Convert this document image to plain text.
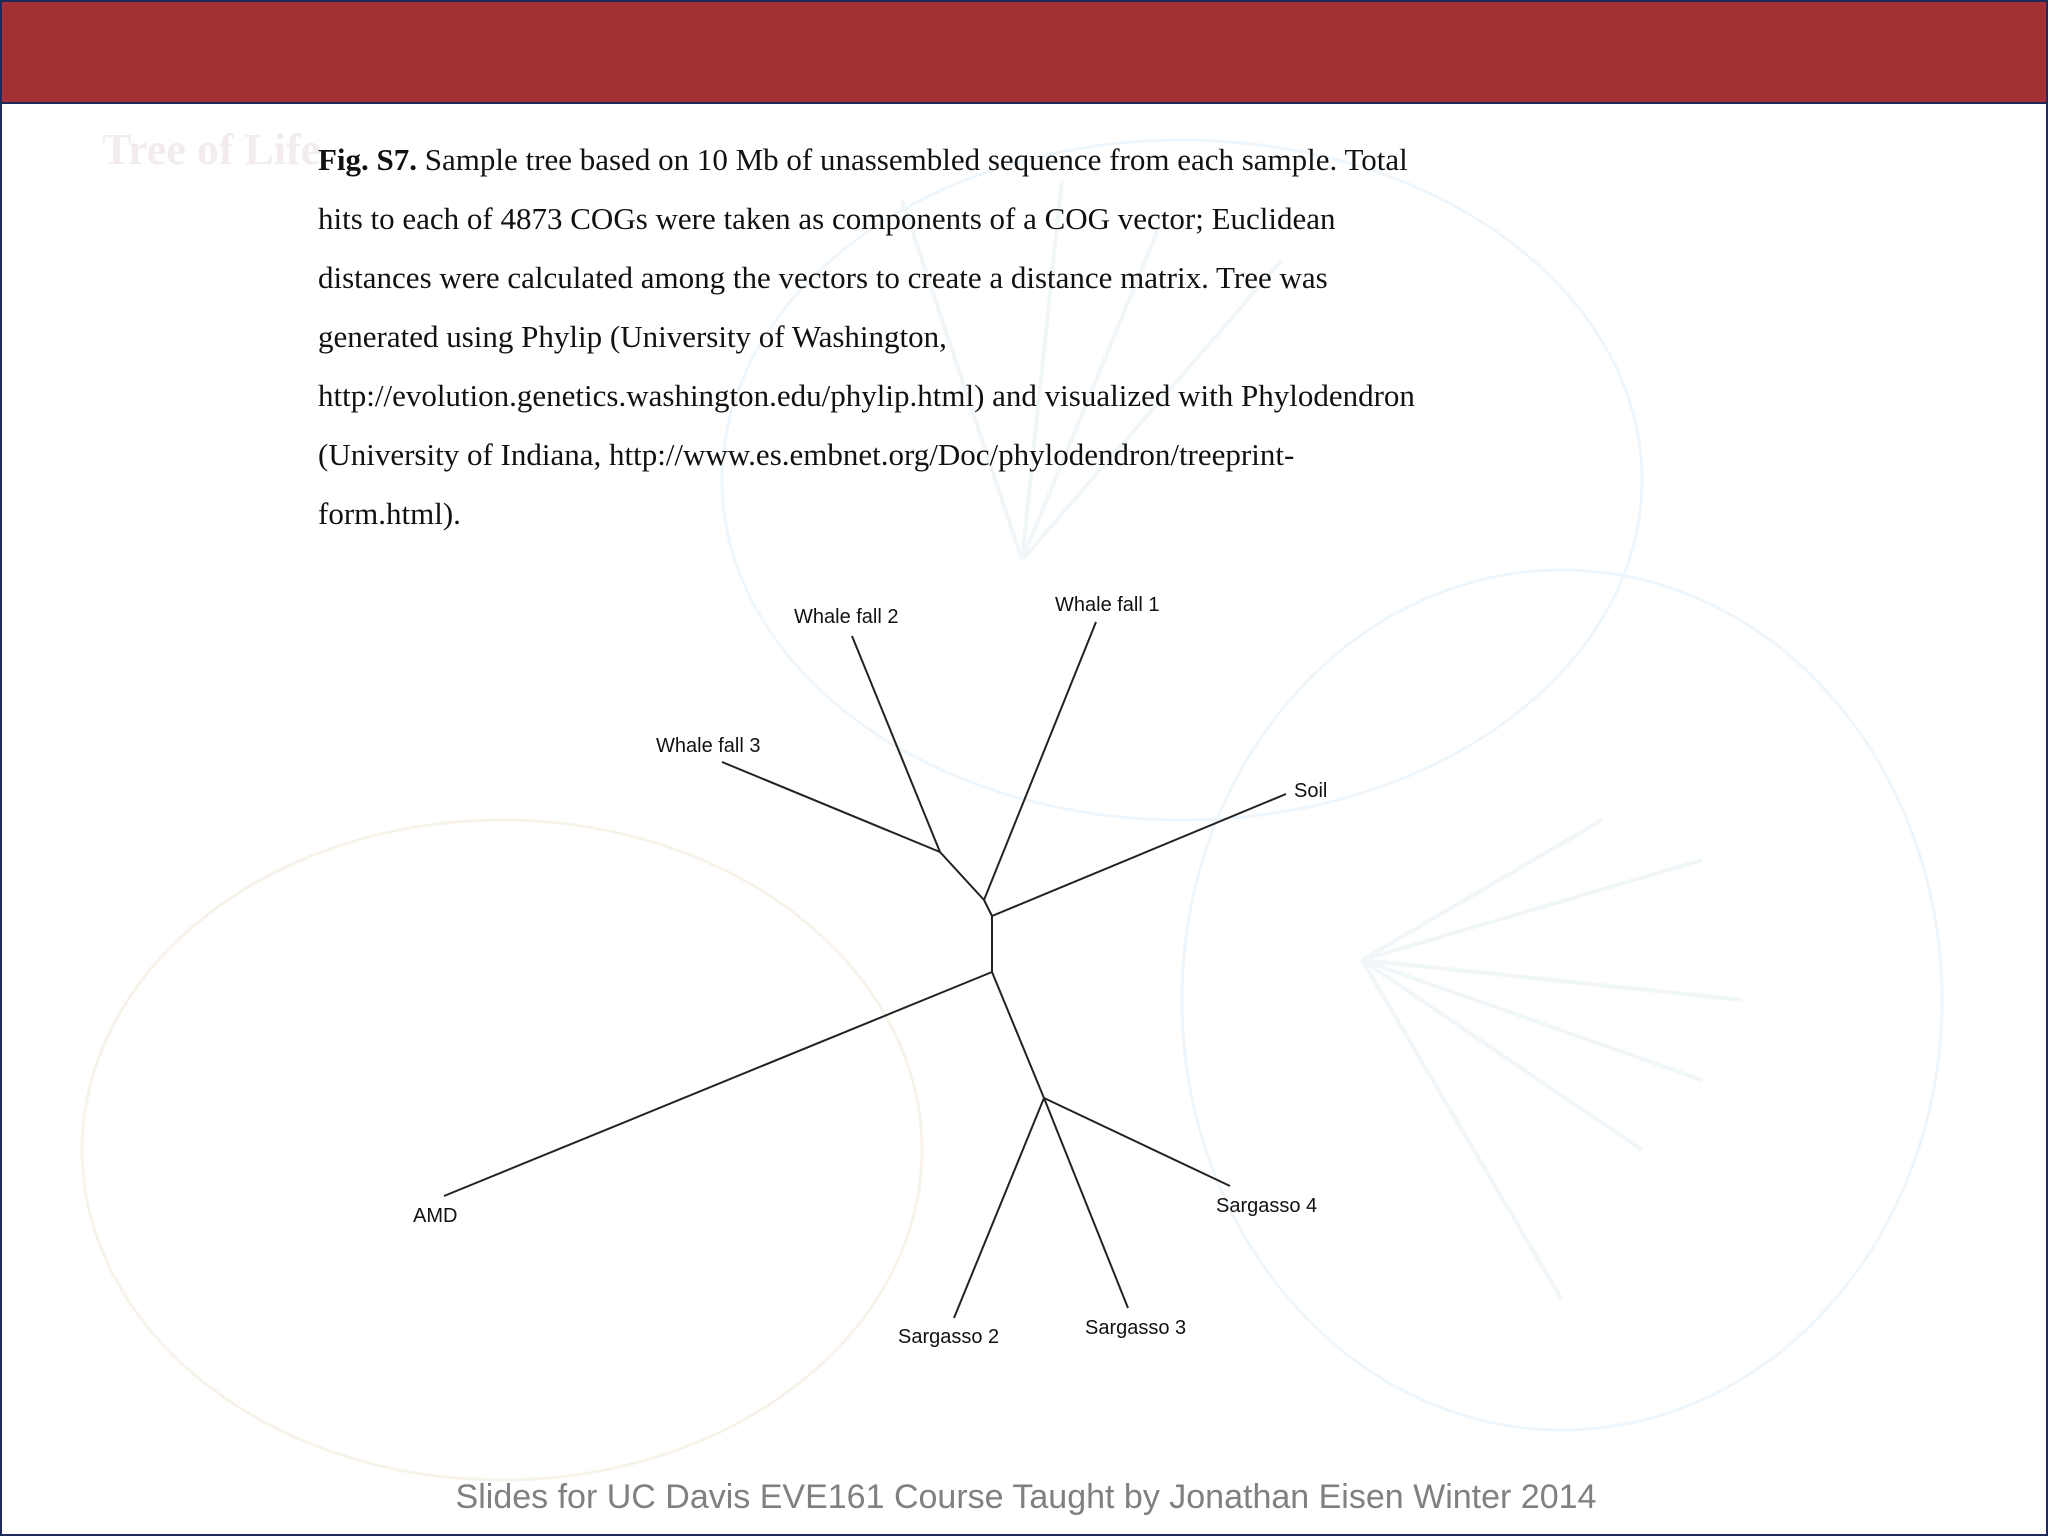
Tree of Life
Fig. S7. Sample tree based on 10 Mb of unassembled sequence from each sample. Total
hits to each of 4873 COGs were taken as components of a COG vector; Euclidean
distances were calculated among the vectors to create a distance matrix. Tree was
generated using Phylip (University of Washington,
http://evolution.genetics.washington.edu/phylip.html) and visualized with Phylodendron
(University of Indiana, http://www.es.embnet.org/Doc/phylodendron/treeprint-
form.html).
Whale fall 1
Whale fall 2
Whale fall 3
Soil
AMD	Sargasso 4
Sargasso 2	Sargasso 3
Slides for UC Davis EVE161 Course Taught by Jonathan Eisen Winter 2014
